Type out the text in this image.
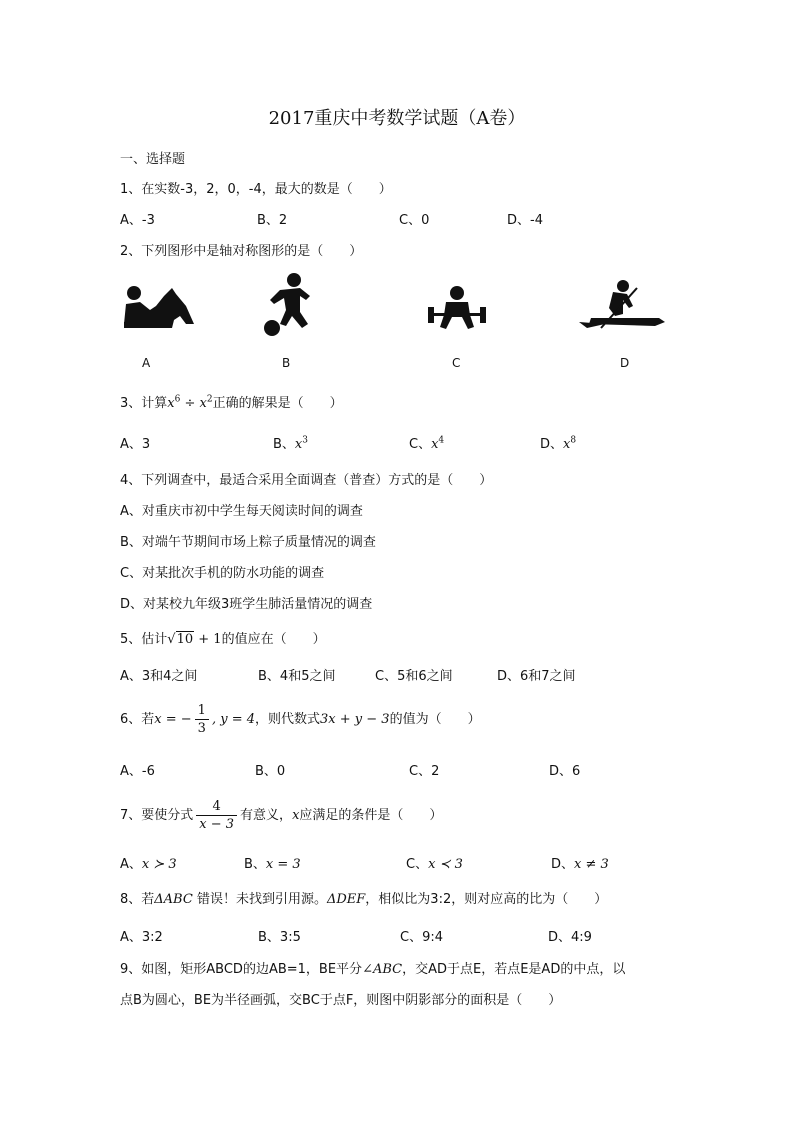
2017重庆中考数学试题（A卷）
一、选择题
1、在实数-3，2，0，-4，最大的数是（　　）
A、-3	B、2	C、0	D、-4
2、下列图形中是轴对称图形的是（　　）
A	B	C	D
3、计算$x^6 \div x^2$正确的解果是（　　）
A、3	B、$x^3$	C、$x^4$	D、$x^8$
4、下列调查中，最适合采用全面调查（普查）方式的是（　　）
A、对重庆市初中学生每天阅读时间的调查
B、对端午节期间市场上粽子质量情况的调查
C、对某批次手机的防水功能的调查
D、对某校九年级3班学生肺活量情况的调查
5、估计√10 + 1的值应在（　　）
A、3和4之间	B、4和5之间	C、5和6之间	D、6和7之间
6、若x = − $\frac{1}{3}$ , y = 4，则代数式3x + y − 3的值为（　　）
A、-6	B、0	C、2	D、6
7、要使分式 $\frac{4}{x - 3}$ 有意义，x应满足的条件是（　　）
A、x ≻ 3	B、x = 3	C、x ≺ 3	D、x ≠ 3
8、若ΔABC 错误！未找到引用源。ΔDEF，相似比为3:2，则对应高的比为（　　）
A、3:2	B、3:5	C、9:4	D、4:9
9、如图，矩形ABCD的边AB=1，BE平分∠ABC，交AD于点E，若点E是AD的中点，以
点B为圆心，BE为半径画弧，交BC于点F，则图中阴影部分的面积是（　　）
